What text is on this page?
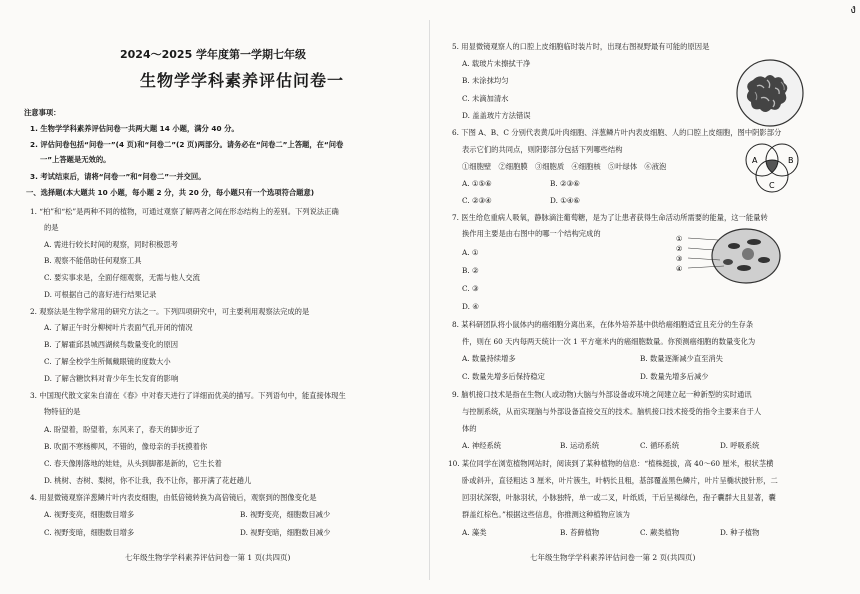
ง
2024～2025 学年度第一学期七年级
生物学学科素养评估问卷一
注意事项：
1. 生物学学科素养评估问卷一共两大题 14 小题，满分 40 分。
2. 评估问卷包括“问卷一”(4 页)和“问卷二”(2 页)两部分。请务必在“问卷二”上答题，在“问卷
一”上答题是无效的。
3. 考试结束后，请将“问卷一”和“问卷二”一并交回。
一、选择题(本大题共 10 小题，每小题 2 分，共 20 分，每小题只有一个选项符合题意)
1. “柏”和“松”是两种不同的植物，可通过观察了解两者之间在形态结构上的差别。下列说法正确
的是
A. 需进行较长时间的观察，同时积极思考
B. 观察不能借助任何观察工具
C. 要实事求是，全面仔细观察，无需与他人交流
D. 可根据自己的喜好进行结果记录
2. 观察法是生物学常用的研究方法之一。下列四项研究中，可主要利用观察法完成的是
A. 了解正午时分柳树叶片表面气孔开闭的情况
B. 了解霍邱县城西湖候鸟数量变化的原因
C. 了解全校学生所佩戴眼镜的度数大小
D. 了解含糖饮料对青少年生长发育的影响
3. 中国现代散文家朱自清在《春》中对春天进行了详细而优美的描写。下列语句中，能直接体现生
物特征的是
A. 盼望着，盼望着，东风来了，春天的脚步近了
B. 吹面不寒杨柳风，不错的，像母亲的手抚摸着你
C. 春天像刚落地的娃娃，从头到脚都是新的，它生长着
D. 桃树、杏树、梨树，你不让我，我不让你，都开满了花赶趟儿
4. 用显微镜观察洋葱鳞片叶内表皮细胞，由低倍镜转换为高倍镜后，观察到的图像变化是
A. 视野变亮，细胞数目增多	B. 视野变亮，细胞数目减少
C. 视野变暗，细胞数目增多	D. 视野变暗，细胞数目减少
七年级生物学学科素养评估问卷一第 1 页(共四页)
5. 用显微镜观察人的口腔上皮细胞临时装片时，出现右图视野最有可能的原因是
A. 载玻片未擦拭干净
B. 未涂抹均匀
C. 未滴加清水
D. 盖盖玻片方法错误
6. 下图 A、B、C 分别代表黄瓜叶肉细胞、洋葱鳞片叶内表皮细胞、人的口腔上皮细胞，图中阴影部分
表示它们的共同点，则阴影部分包括下列哪些结构
①细胞壁　②细胞膜　③细胞质　④细胞核　⑤叶绿体　⑥液泡
A. ①⑤⑥	B. ②③⑥
C. ②③④	D. ①④⑥
A	B
C
7. 医生给危重病人吸氧，静脉滴注葡萄糖，是为了让患者获得生命活动所需要的能量，这一能量转
换作用主要是由右图中的哪一个结构完成的
A. ①
B. ②
C. ③
D. ④
①
②
③
④
8. 某科研团队将小鼠体内的癌细胞分离出来，在体外培养基中供给癌细胞适宜且充分的生存条
件，则在 60 天内每两天统计一次 1 平方毫米内的癌细胞数量。你预测癌细胞的数量变化为
A. 数量持续增多	B. 数量逐渐减少直至消失
C. 数量先增多后保持稳定	D. 数量先增多后减少
9. 脑机接口技术是指在生物(人或动物)大脑与外部设备或环境之间建立起一种新型的实时通讯
与控制系统，从而实现脑与外部设备直接交互的技术。脑机接口技术接受的指令主要来自于人
体的
A. 神经系统	B. 运动系统	C. 循环系统	D. 呼吸系统
10. 某位同学在浏览植物网站时，阅读到了某种植物的信息：“植株挺拔，高 40～60 厘米，根状茎横
卧或斜升，直径粗达 3 厘米，叶片簇生，叶柄长且粗，基部覆盖黑色鳞片，叶片呈椭状披针形，二
回羽状深裂，叶脉羽状，小脉独特，单一或二叉，叶纸质，干后呈褐绿色，孢子囊群大且显著，囊
群盖红棕色。”根据这些信息，你推测这种植物应该为
A. 藻类	B. 苔藓植物	C. 蕨类植物	D. 种子植物
七年级生物学学科素养评估问卷一第 2 页(共四页)
